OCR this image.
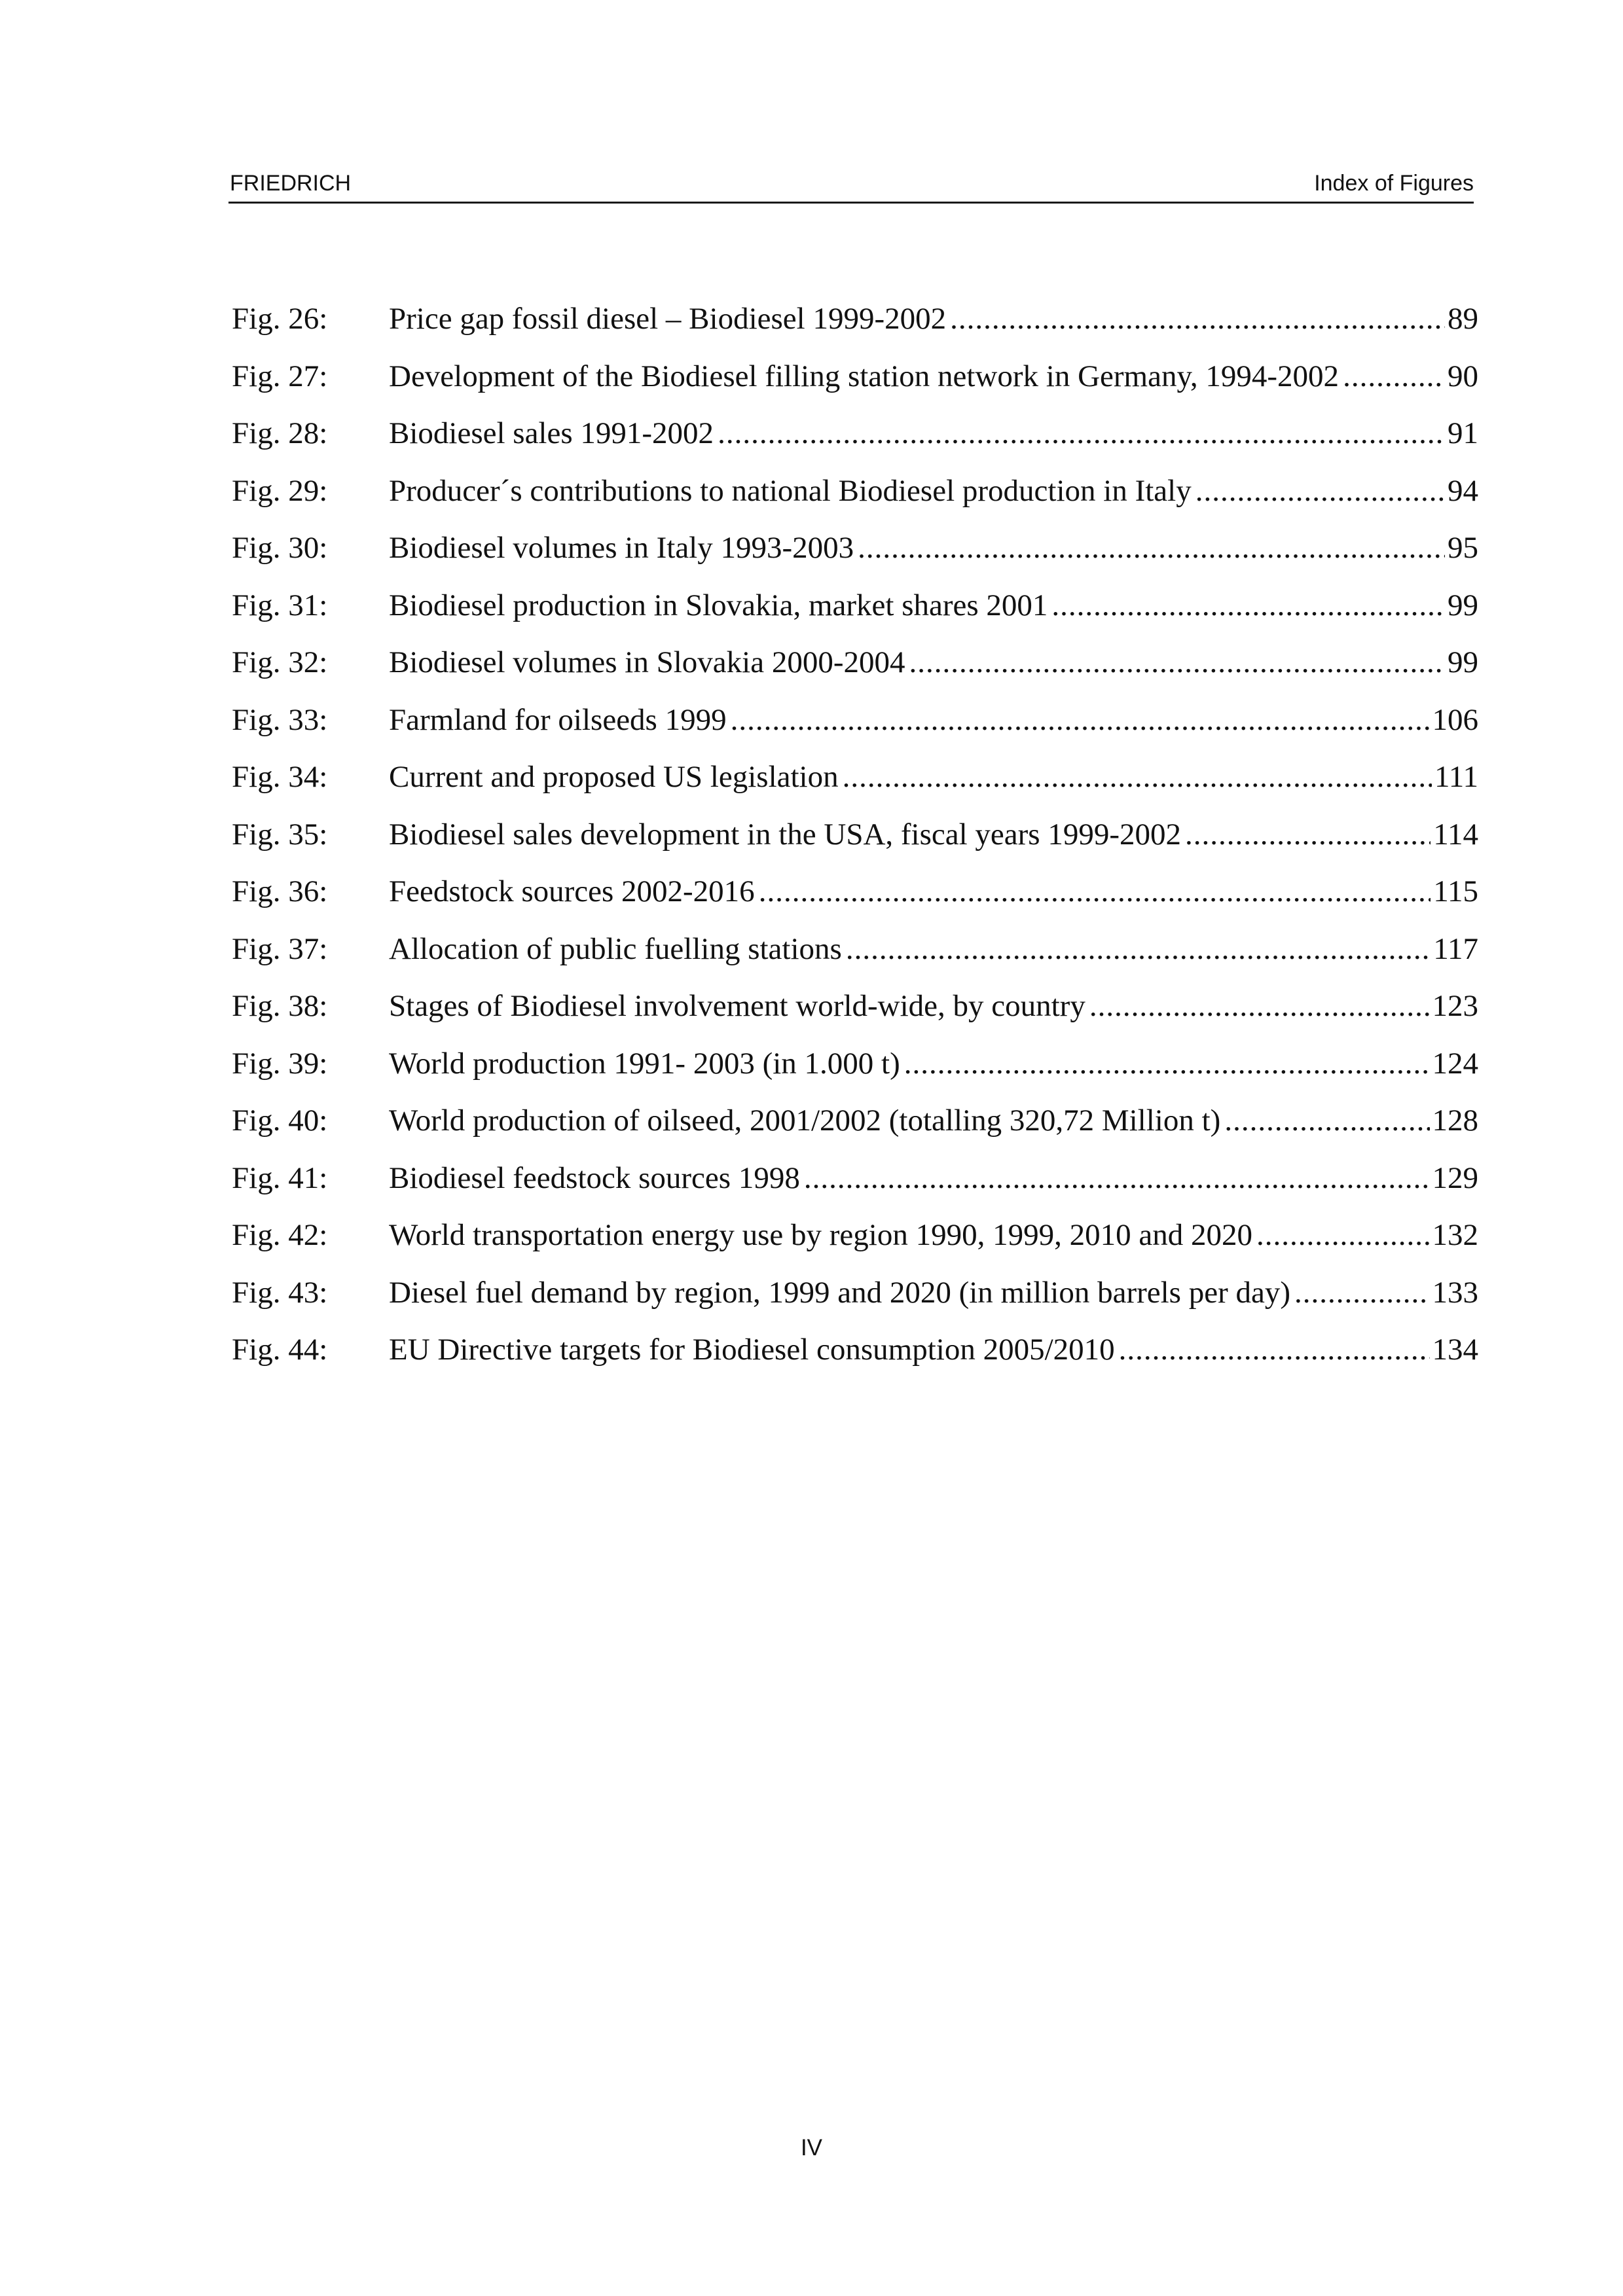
FRIEDRICH	Index of Figures
Fig. 26:	Price gap fossil diesel – Biodiesel 1999-2002 .....	89
Fig. 27:	Development of the Biodiesel filling station network in Germany, 1994-2002 .....	90
Fig. 28:	Biodiesel sales 1991-2002 .....	91
Fig. 29:	Producer´s contributions to national Biodiesel production in Italy .....	94
Fig. 30:	Biodiesel volumes in Italy 1993-2003 .....	95
Fig. 31:	Biodiesel production in Slovakia, market shares 2001 .....	99
Fig. 32:	Biodiesel volumes in Slovakia 2000-2004 .....	99
Fig. 33:	Farmland for oilseeds 1999 .....	106
Fig. 34:	Current and proposed US legislation .....	111
Fig. 35:	Biodiesel sales development in the USA, fiscal years 1999-2002 .....	114
Fig. 36:	Feedstock sources 2002-2016 .....	115
Fig. 37:	Allocation of public fuelling stations .....	117
Fig. 38:	Stages of Biodiesel involvement world-wide, by country .....	123
Fig. 39:	World production 1991- 2003 (in 1.000 t) .....	124
Fig. 40:	World production of oilseed, 2001/2002 (totalling 320,72 Million t) .....	128
Fig. 41:	Biodiesel feedstock sources 1998 .....	129
Fig. 42:	World transportation energy use by region 1990, 1999, 2010 and 2020 .....	132
Fig. 43:	Diesel fuel demand by region, 1999 and 2020 (in million barrels per day) .....	133
Fig. 44:	EU Directive targets for Biodiesel consumption 2005/2010 .....	134
IV
